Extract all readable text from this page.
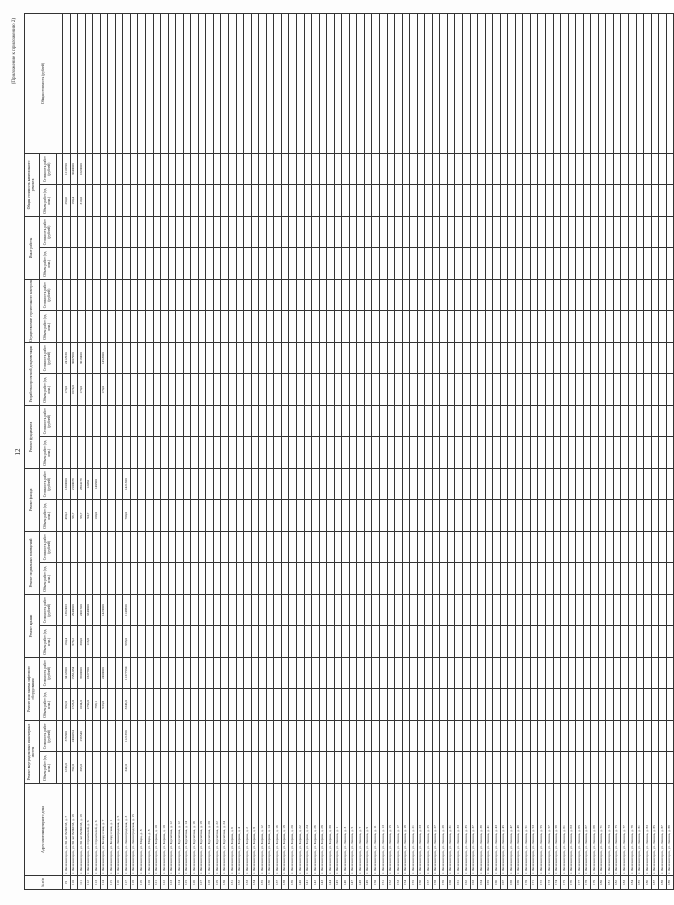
12
(Приложение к приложению 2)
№ п/п	Адрес многоквартирного дома	Ремонт внутридомовых инженерных систем		Ремонт или замена лифтового оборудования		Ремонт крыши		Ремонт подвальных помещений		Ремонт фасада		Ремонт фундамента		Разработка проектной документации		Осуществление строительного контроля		Иные работы		Общая стоимость капитального ремонта		Общая стоимость (рублей)
		Объем работ (ед. изм.)	Стоимость работ (рублей)	Объем работ (ед. изм.)	Стоимость работ (рублей)	Объем работ (ед. изм.)	Стоимость работ (рублей)	Объем работ (ед. изм.)	Стоимость работ (рублей)	Объем работ (ед. изм.)	Стоимость работ (рублей)	Объем работ (ед. изм.)	Стоимость работ (рублей)	Объем работ (ед. изм.)	Стоимость работ (рублей)	Объем работ (ед. изм.)	Стоимость работ (рублей)	Объем работ (ед. изм.)	Стоимость работ (рублей)	Объем работ (ед. изм.)	Стоимость работ (рублей)	

19	г. Железногорск, ул. 60 лет ВЛКСМ, д. 7	1230,0	376300	982,0	3412000	194,4	1362403			490,2	1300000			170,0	2412930					294,6	1210700	
110	г. Железногорск, ул. 60 лет ВЛКСМ, д. 19	782,0	2404294	1723,0	1582,034	876,2	2940000			96,7	2100079			1674,0	3007960					190,4	3040000	
111	г. Железногорск, ул. 60 лет ВЛКСМ, д. 19	303,0	256540	1034,0	3500000	300,0	2401500			98,7	2804179			170,0	3019400					310,0	1020000	
112	г. Железногорск, ул. Строителей, д. 6			1750,0	1827700	116,8	3340000			94,7	12450											
113	г. Железногорск, ул. Строителей, д. 6			789,1						100,0	140300											
114	г. Железногорск, ул. Белорусская, д. 7			933,8	2400000		1423000							170,0	1452000							
115	г. Железногорск, ул. Белорусская, д. 1																					
116	г. Железногорск, ул. Ленинградская, д. 5																					
117	г. Железногорск, ул. Ленинградская, д. 3	342,0	1121390	3346,0	11377594	998,0	1149800			700,0	1421300											
118	г. Железногорск, ул. Ленинградская, д. 15																					
119	г. Железногорск, ул. Мира, д. 8																					
120	г. Железногорск, ул. Мира, д. 8																					
121	г. Железногорск, ул. Кирова, д. 10																					
122	г. Железногорск, ул. Кирова, д. 10																					
123	г. Железногорск, ул. Курчатова, д. 12																					
124	г. Железногорск, ул. Курчатова, д. 12																					
125	г. Железногорск, ул. Курчатова, д. 14																					
126	г. Железногорск, ул. Курчатова, д. 16																					
127	г. Железногорск, ул. Курчатова, д. 18																					
128	г. Железногорск, ул. Курчатова, д. 20																					
129	г. Железногорск, ул. Курчатова, д. 22																					
130	г. Железногорск, ул. Курчатова, д. 24																					
131	г. Железногорск, ул. Кирова, д. 6																					
132	г. Железногорск, ул. Кирова, д. 4																					
133	г. Железногорск, ул. Кирова, д. 2																					
134	г. Железногорск, ул. Кирова, д. 8																					
135	г. Железногорск, ул. Кирова, д. 12																					
136	г. Железногорск, ул. Кирова, д. 14																					
137	г. Железногорск, ул. Кирова, д. 16																					
138	г. Железногорск, ул. Кирова, д. 18																					
139	г. Железногорск, ул. Кирова, д. 20																					
140	г. Железногорск, ул. Кирова, д. 22																					
141	г. Железногорск, ул. Кирова, д. 24																					
142	г. Железногорск, ул. Кирова, д. 26																					
143	г. Железногорск, ул. Кирова, д. 28																					
144	г. Железногорск, ул. Кирова, д. 30																					
145	г. Железногорск, ул. Ленина, д. 1																					
146	г. Железногорск, ул. Ленина, д. 3																					
147	г. Железногорск, ул. Ленина, д. 5																					
148	г. Железногорск, ул. Ленина, д. 7																					
149	г. Железногорск, ул. Ленина, д. 9																					
150	г. Железногорск, ул. Ленина, д. 11																					
151	г. Железногорск, ул. Ленина, д. 13																					
152	г. Железногорск, ул. Ленина, д. 15																					
153	г. Железногорск, ул. Ленина, д. 17																					
154	г. Железногорск, ул. Ленина, д. 19																					
155	г. Железногорск, ул. Ленина, д. 21																					
156	г. Железногорск, ул. Ленина, д. 23																					
157	г. Железногорск, ул. Ленина, д. 25																					
158	г. Железногорск, ул. Ленина, д. 27																					
159	г. Железногорск, ул. Ленина, д. 29																					
160	г. Железногорск, ул. Ленина, д. 31																					
161	г. Железногорск, ул. Ленина, д. 33																					
162	г. Железногорск, ул. Ленина, д. 35																					
163	г. Железногорск, ул. Ленина, д. 37																					
164	г. Железногорск, ул. Ленина, д. 39																					
165	г. Железногорск, ул. Ленина, д. 41																					
166	г. Железногорск, ул. Ленина, д. 43																					
167	г. Железногорск, ул. Ленина, д. 45																					
168	г. Железногорск, ул. Ленина, д. 47																					
169	г. Железногорск, ул. Ленина, д. 49																					
170	г. Железногорск, ул. Ленина, д. 51																					
171	г. Железногорск, ул. Ленина, д. 53																					
172	г. Железногорск, ул. Ленина, д. 55																					
173	г. Железногорск, ул. Ленина, д. 57																					
174	г. Железногорск, ул. Ленина, д. 59																					
175	г. Железногорск, ул. Ленина, д. 61																					
176	г. Железногорск, ул. Ленина, д. 63																					
177	г. Железногорск, ул. Ленина, д. 65																					
178	г. Железногорск, ул. Ленина, д. 67																					
179	г. Железногорск, ул. Ленина, д. 69																					
180	г. Железногорск, ул. Ленина, д. 71																					
181	г. Железногорск, ул. Ленина, д. 73																					
182	г. Железногорск, ул. Ленина, д. 75																					
183	г. Железногорск, ул. Ленина, д. 77																					
184	г. Железногорск, ул. Ленина, д. 79																					
185	г. Железногорск, ул. Ленина, д. 81																					
186	г. Железногорск, ул. Ленина, д. 83																					
187	г. Железногорск, ул. Ленина, д. 85																					
188	г. Железногорск, ул. Ленина, д. 87																					
189	г. Железногорск, ул. Ленина, д. 89																					
